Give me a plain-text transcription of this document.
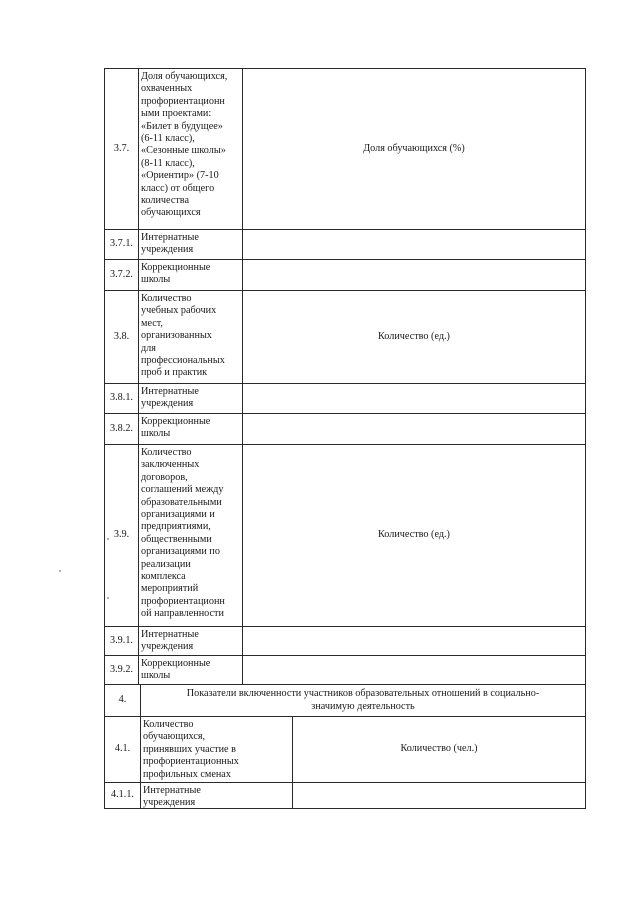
3.7.
Доля обучающихся,
охваченных
профориентационн
ыми проектами:
«Билет в будущее»
(6-11 класс),
«Сезонные школы»
(8-11 класс),
«Ориентир» (7-10
класс) от общего
количества
обучающихся
Доля обучающихся (%)
3.7.1.
Интернатные
учреждения
3.7.2.
Коррекционные
школы
3.8.
Количество
учебных рабочих
мест,
организованных
для
профессиональных
проб и практик
Количество (ед.)
3.8.1.
Интернатные
учреждения
3.8.2.
Коррекционные
школы
3.9.
Количество
заключенных
договоров,
соглашений между
образовательными
организациями и
предприятиями,
общественными
организациями по
реализации
комплекса
мероприятий
профориентационн
ой направленности
Количество (ед.)
3.9.1.
Интернатные
учреждения
3.9.2.
Коррекционные
школы
4.
Показатели включенности участников образовательных отношений в социально-
значимую деятельность
4.1.
Количество
обучающихся,
принявших участие в
профориентационных
профильных сменах
Количество (чел.)
4.1.1. Интернатные
учреждения
